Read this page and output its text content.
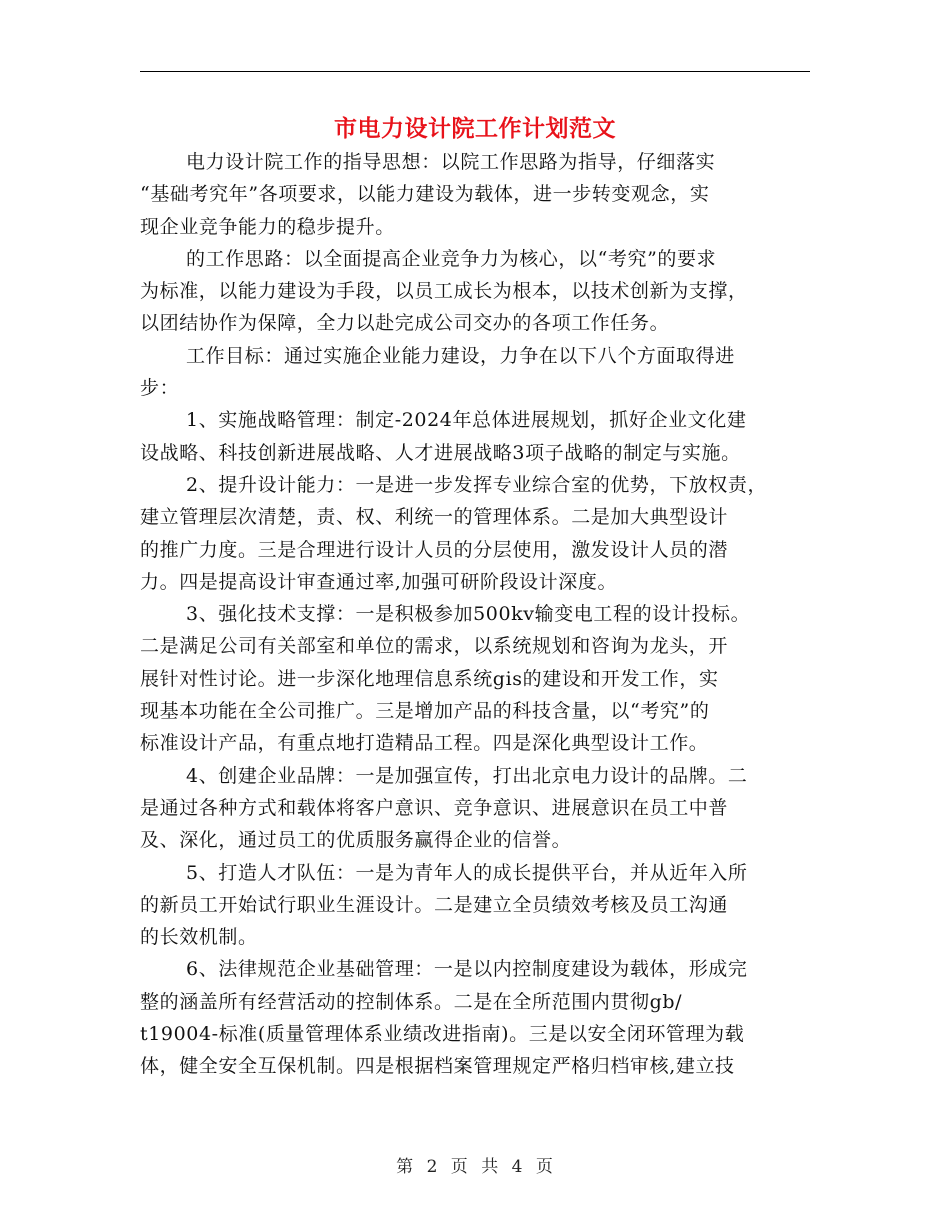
市电力设计院工作计划范文

电力设计院工作的指导思想：以院工作思路为指导，仔细落实
“基础考究年”各项要求，以能力建设为载体，进一步转变观念，实
现企业竞争能力的稳步提升。

的工作思路：以全面提高企业竞争力为核心，以“考究”的要求
为标准，以能力建设为手段，以员工成长为根本，以技术创新为支撑，
以团结协作为保障，全力以赴完成公司交办的各项工作任务。

工作目标：通过实施企业能力建设，力争在以下八个方面取得进
步：

1、实施战略管理：制定-2024年总体进展规划，抓好企业文化建
设战略、科技创新进展战略、人才进展战略3项子战略的制定与实施。

2、提升设计能力：一是进一步发挥专业综合室的优势，下放权责，
建立管理层次清楚，责、权、利统一的管理体系。二是加大典型设计
的推广力度。三是合理进行设计人员的分层使用，激发设计人员的潜
力。四是提高设计审查通过率,加强可研阶段设计深度。

3、强化技术支撑：一是积极参加500kv输变电工程的设计投标。
二是满足公司有关部室和单位的需求，以系统规划和咨询为龙头，开
展针对性讨论。进一步深化地理信息系统gis的建设和开发工作，实
现基本功能在全公司推广。三是增加产品的科技含量，以“考究”的
标准设计产品，有重点地打造精品工程。四是深化典型设计工作。

4、创建企业品牌：一是加强宣传，打出北京电力设计的品牌。二
是通过各种方式和载体将客户意识、竞争意识、进展意识在员工中普
及、深化，通过员工的优质服务赢得企业的信誉。

5、打造人才队伍：一是为青年人的成长提供平台，并从近年入所
的新员工开始试行职业生涯设计。二是建立全员绩效考核及员工沟通
的长效机制。

6、法律规范企业基础管理：一是以内控制度建设为载体，形成完
整的涵盖所有经营活动的控制体系。二是在全所范围内贯彻gb/
t19004-标准(质量管理体系业绩改进指南)。三是以安全闭环管理为载
体，健全安全互保机制。四是根据档案管理规定严格归档审核,建立技

第 2 页 共 4 页
